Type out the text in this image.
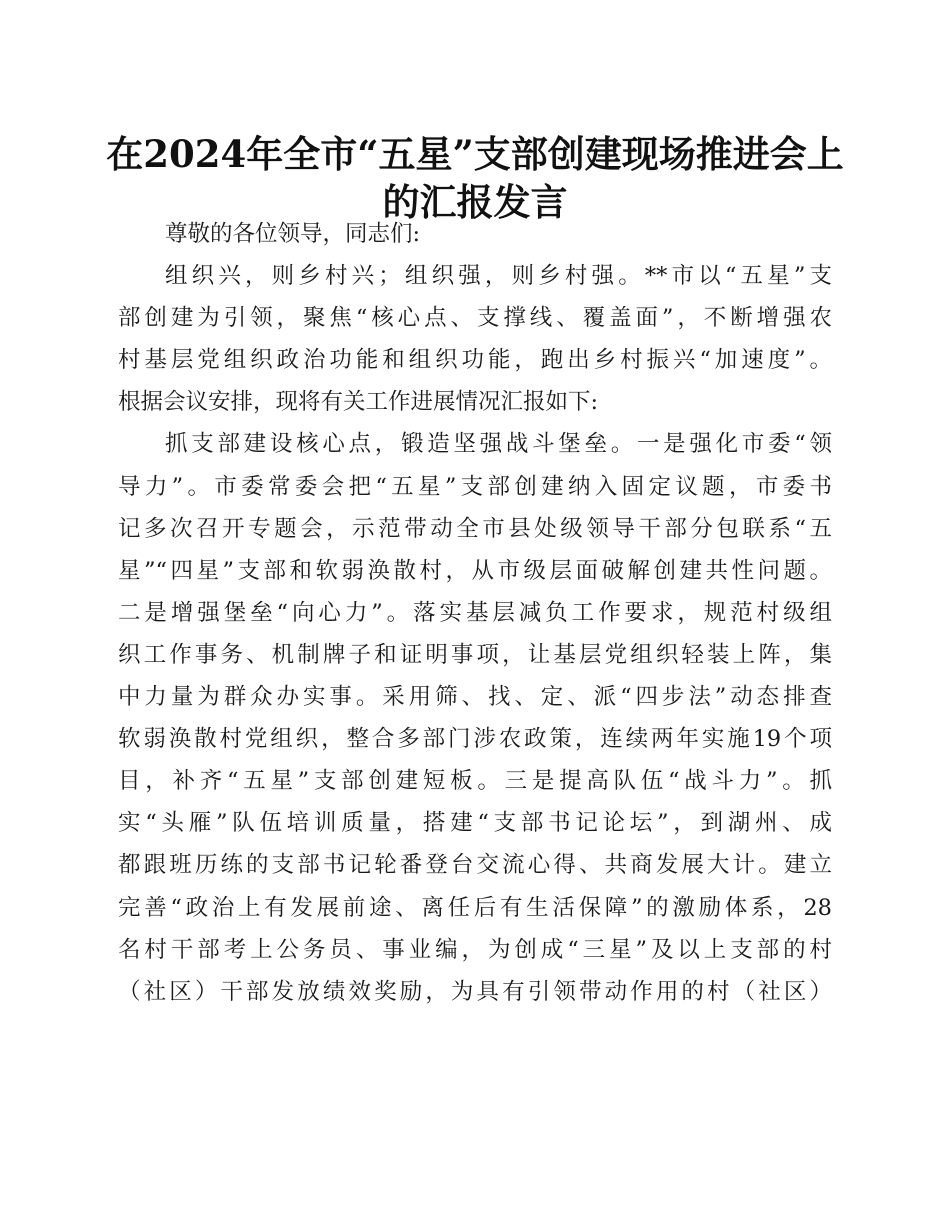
在2024年全市“五星”支部创建现场推进会上
的汇报发言
尊敬的各位领导，同志们:
组织兴，则乡村兴；组织强，则乡村强。**市以“五星”支
部创建为引领，聚焦“核心点、支撑线、覆盖面”，不断增强农
村基层党组织政治功能和组织功能，跑出乡村振兴“加速度”。
根据会议安排，现将有关工作进展情况汇报如下:
抓支部建设核心点，锻造坚强战斗堡垒。一是强化市委“领
导力”。市委常委会把“五星”支部创建纳入固定议题，市委书
记多次召开专题会，示范带动全市县处级领导干部分包联系“五
星”“四星”支部和软弱涣散村，从市级层面破解创建共性问题。
二是增强堡垒“向心力”。落实基层减负工作要求，规范村级组
织工作事务、机制牌子和证明事项，让基层党组织轻装上阵，集
中力量为群众办实事。采用筛、找、定、派“四步法”动态排查
软弱涣散村党组织，整合多部门涉农政策，连续两年实施19个项
目，补齐“五星”支部创建短板。三是提高队伍“战斗力”。抓
实“头雁”队伍培训质量，搭建“支部书记论坛”，到湖州、成
都跟班历练的支部书记轮番登台交流心得、共商发展大计。建立
完善“政治上有发展前途、离任后有生活保障”的激励体系，28
名村干部考上公务员、事业编，为创成“三星”及以上支部的村
（社区）干部发放绩效奖励，为具有引领带动作用的村（社区）
